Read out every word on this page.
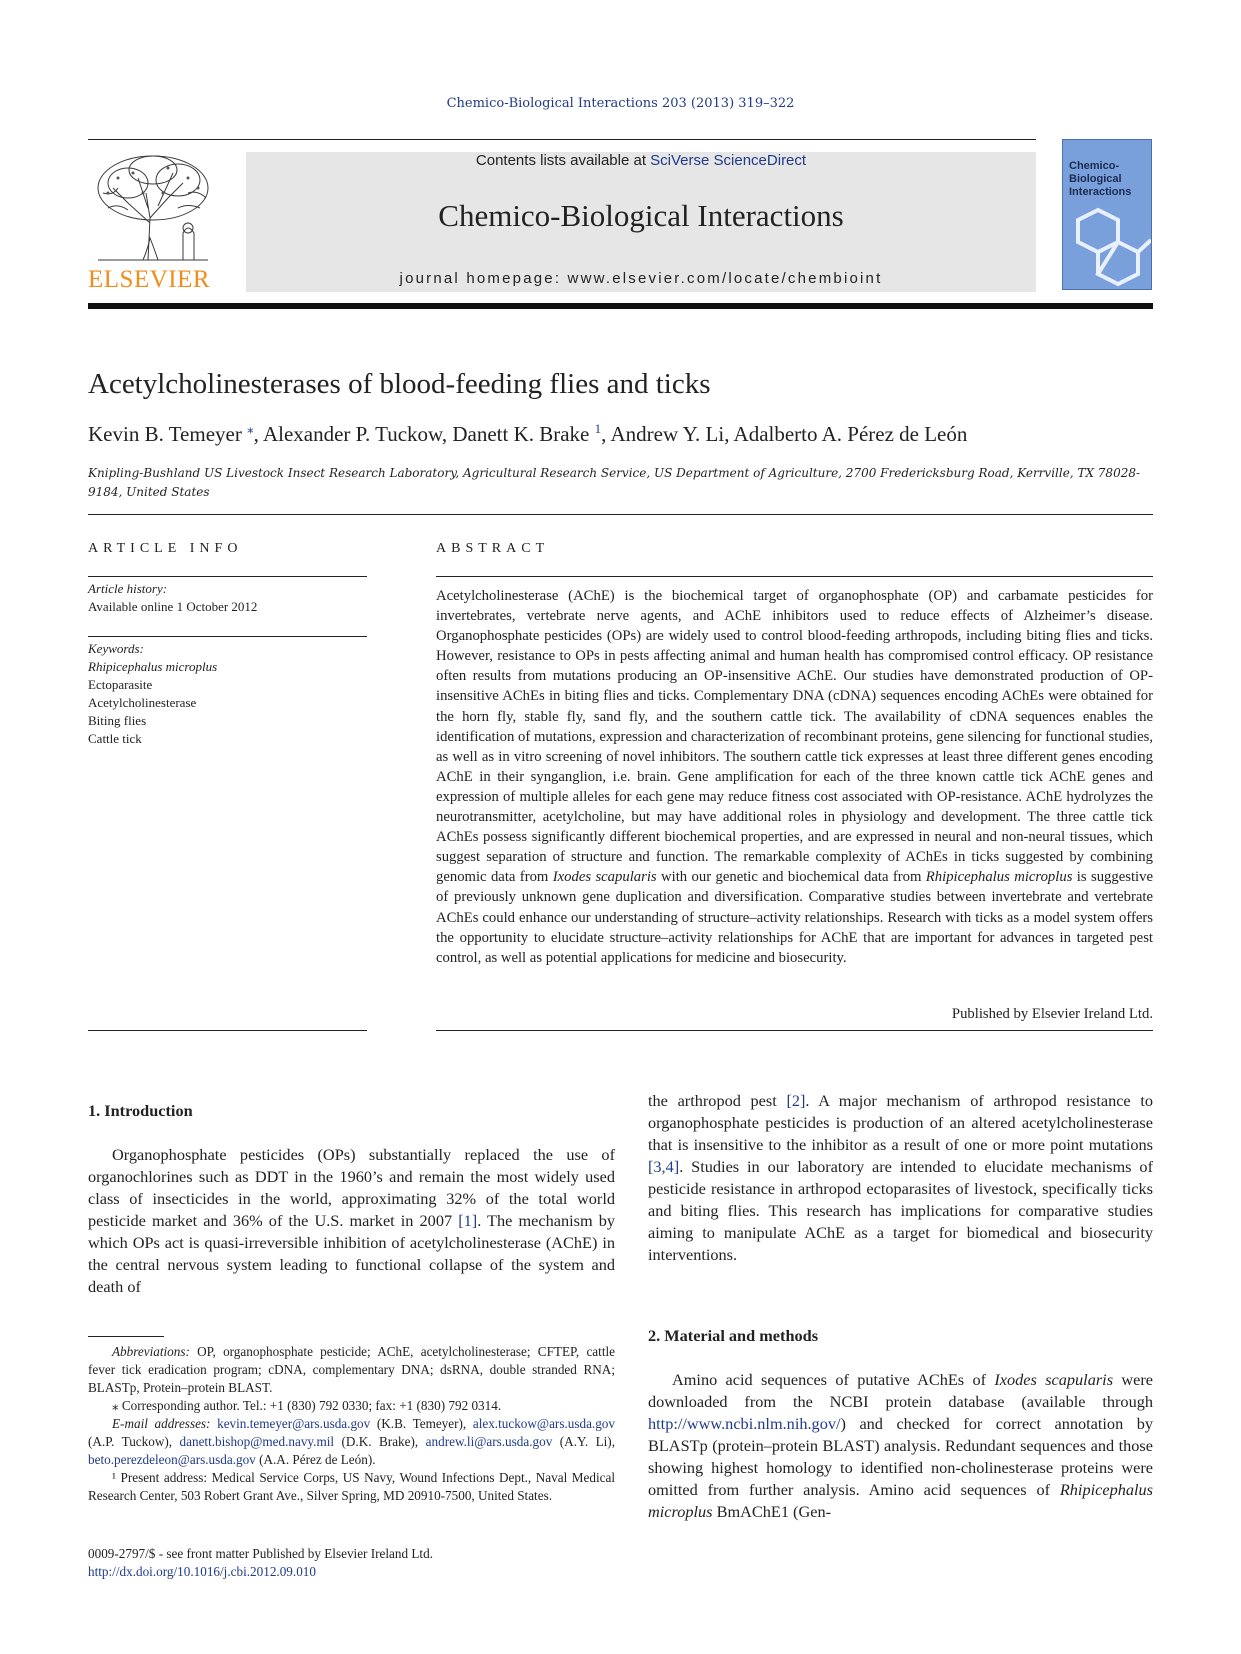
Chemico-Biological Interactions 203 (2013) 319–322
ELSEVIER
Contents lists available at SciVerse ScienceDirect
Chemico-Biological Interactions
journal homepage: www.elsevier.com/locate/chembioint
Chemico-Biological Interactions
Acetylcholinesterases of blood-feeding flies and ticks
Kevin B. Temeyer ⁎, Alexander P. Tuckow, Danett K. Brake $^1$, Andrew Y. Li, Adalberto A. Pérez de León
Knipling-Bushland US Livestock Insect Research Laboratory, Agricultural Research Service, US Department of Agriculture, 2700 Fredericksburg Road, Kerrville, TX 78028-9184, United States
ARTICLE INFO
Article history:
Available online 1 October 2012
Keywords:
Rhipicephalus microplus
Ectoparasite
Acetylcholinesterase
Biting flies
Cattle tick
ABSTRACT
Acetylcholinesterase (AChE) is the biochemical target of organophosphate (OP) and carbamate pesticides for invertebrates, vertebrate nerve agents, and AChE inhibitors used to reduce effects of Alzheimer’s disease. Organophosphate pesticides (OPs) are widely used to control blood-feeding arthropods, including biting flies and ticks. However, resistance to OPs in pests affecting animal and human health has compromised control efficacy. OP resistance often results from mutations producing an OP-insensitive AChE. Our studies have demonstrated production of OP-insensitive AChEs in biting flies and ticks. Complementary DNA (cDNA) sequences encoding AChEs were obtained for the horn fly, stable fly, sand fly, and the southern cattle tick. The availability of cDNA sequences enables the identification of mutations, expression and characterization of recombinant proteins, gene silencing for functional studies, as well as in vitro screening of novel inhibitors. The southern cattle tick expresses at least three different genes encoding AChE in their synganglion, i.e. brain. Gene amplification for each of the three known cattle tick AChE genes and expression of multiple alleles for each gene may reduce fitness cost associated with OP-resistance. AChE hydrolyzes the neurotransmitter, acetylcholine, but may have additional roles in physiology and development. The three cattle tick AChEs possess significantly different biochemical properties, and are expressed in neural and non-neural tissues, which suggest separation of structure and function. The remarkable complexity of AChEs in ticks suggested by combining genomic data from Ixodes scapularis with our genetic and biochemical data from Rhipicephalus microplus is suggestive of previously unknown gene duplication and diversification. Comparative studies between invertebrate and vertebrate AChEs could enhance our understanding of structure–activity relationships. Research with ticks as a model system offers the opportunity to elucidate structure–activity relationships for AChE that are important for advances in targeted pest control, as well as potential applications for medicine and biosecurity.
Published by Elsevier Ireland Ltd.
1. Introduction

Organophosphate pesticides (OPs) substantially replaced the use of organochlorines such as DDT in the 1960’s and remain the most widely used class of insecticides in the world, approximating 32% of the total world pesticide market and 36% of the U.S. market in 2007 [1]. The mechanism by which OPs act is quasi-irreversible inhibition of acetylcholinesterase (AChE) in the central nervous system leading to functional collapse of the system and death of

Abbreviations: OP, organophosphate pesticide; AChE, acetylcholinesterase; CFTEP, cattle fever tick eradication program; cDNA, complementary DNA; dsRNA, double stranded RNA; BLASTp, Protein–protein BLAST.

⁎ Corresponding author. Tel.: +1 (830) 792 0330; fax: +1 (830) 792 0314.

E-mail addresses: kevin.temeyer@ars.usda.gov (K.B. Temeyer), alex.tuckow@ars.usda.gov (A.P. Tuckow), danett.bishop@med.navy.mil (D.K. Brake), andrew.li@ars.usda.gov (A.Y. Li), beto.perezdeleon@ars.usda.gov (A.A. Pérez de León).

¹ Present address: Medical Service Corps, US Navy, Wound Infections Dept., Naval Medical Research Center, 503 Robert Grant Ave., Silver Spring, MD 20910-7500, United States.

0009-2797/$ - see front matter Published by Elsevier Ireland Ltd.
http://dx.doi.org/10.1016/j.cbi.2012.09.010

the arthropod pest [2]. A major mechanism of arthropod resistance to organophosphate pesticides is production of an altered acetylcholinesterase that is insensitive to the inhibitor as a result of one or more point mutations [3,4]. Studies in our laboratory are intended to elucidate mechanisms of pesticide resistance in arthropod ectoparasites of livestock, specifically ticks and biting flies. This research has implications for comparative studies aiming to manipulate AChE as a target for biomedical and biosecurity interventions.

2. Material and methods

Amino acid sequences of putative AChEs of Ixodes scapularis were downloaded from the NCBI protein database (available through http://www.ncbi.nlm.nih.gov/) and checked for correct annotation by BLASTp (protein–protein BLAST) analysis. Redundant sequences and those showing highest homology to identified non-cholinesterase proteins were omitted from further analysis. Amino acid sequences of Rhipicephalus microplus BmAChE1 (Gen-
